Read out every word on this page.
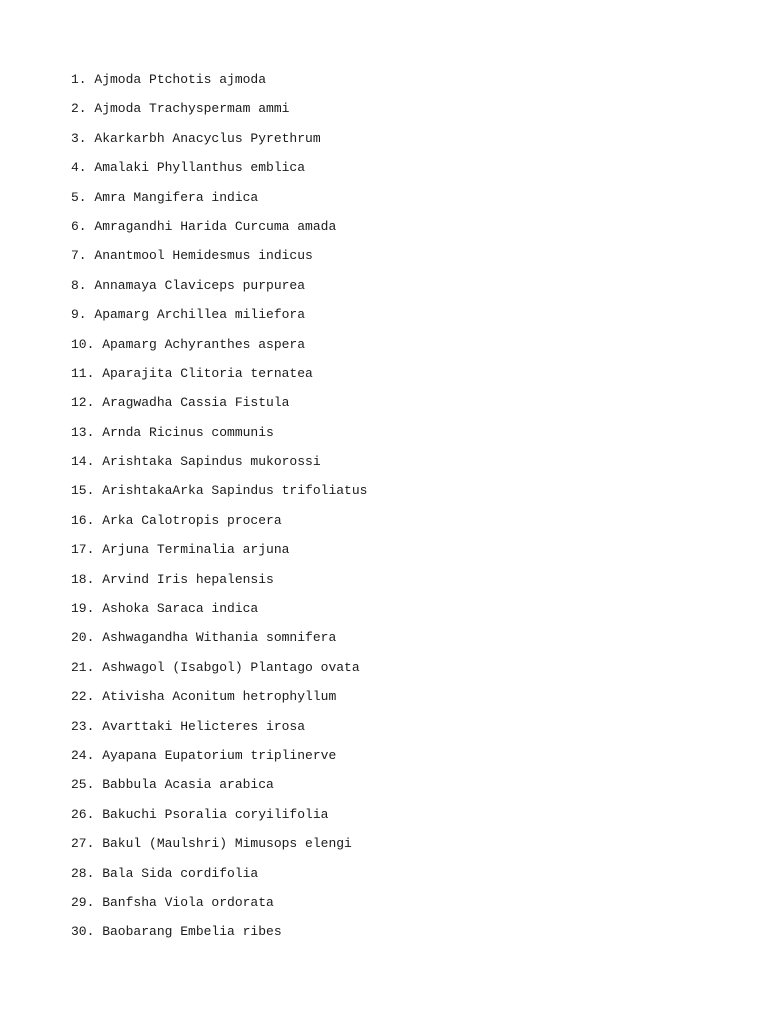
1. Ajmoda Ptchotis ajmoda
2. Ajmoda Trachyspermam ammi
3. Akarkarbh Anacyclus Pyrethrum
4. Amalaki Phyllanthus emblica
5. Amra Mangifera indica
6. Amragandhi Harida Curcuma amada
7. Anantmool Hemidesmus indicus
8. Annamaya Claviceps purpurea
9. Apamarg Archillea miliefora
10. Apamarg Achyranthes aspera
11. Aparajita Clitoria ternatea
12. Aragwadha Cassia Fistula
13. Arnda Ricinus communis
14. Arishtaka Sapindus mukorossi
15. ArishtakaArka Sapindus trifoliatus
16. Arka Calotropis procera
17. Arjuna Terminalia arjuna
18. Arvind Iris hepalensis
19. Ashoka Saraca indica
20. Ashwagandha Withania somnifera
21. Ashwagol (Isabgol) Plantago ovata
22. Ativisha Aconitum hetrophyllum
23. Avarttaki Helicteres irosa
24. Ayapana Eupatorium triplinerve
25. Babbula Acasia arabica
26. Bakuchi Psoralia coryilifolia
27. Bakul (Maulshri) Mimusops elengi
28. Bala Sida cordifolia
29. Banfsha Viola ordorata
30. Baobarang Embelia ribes
